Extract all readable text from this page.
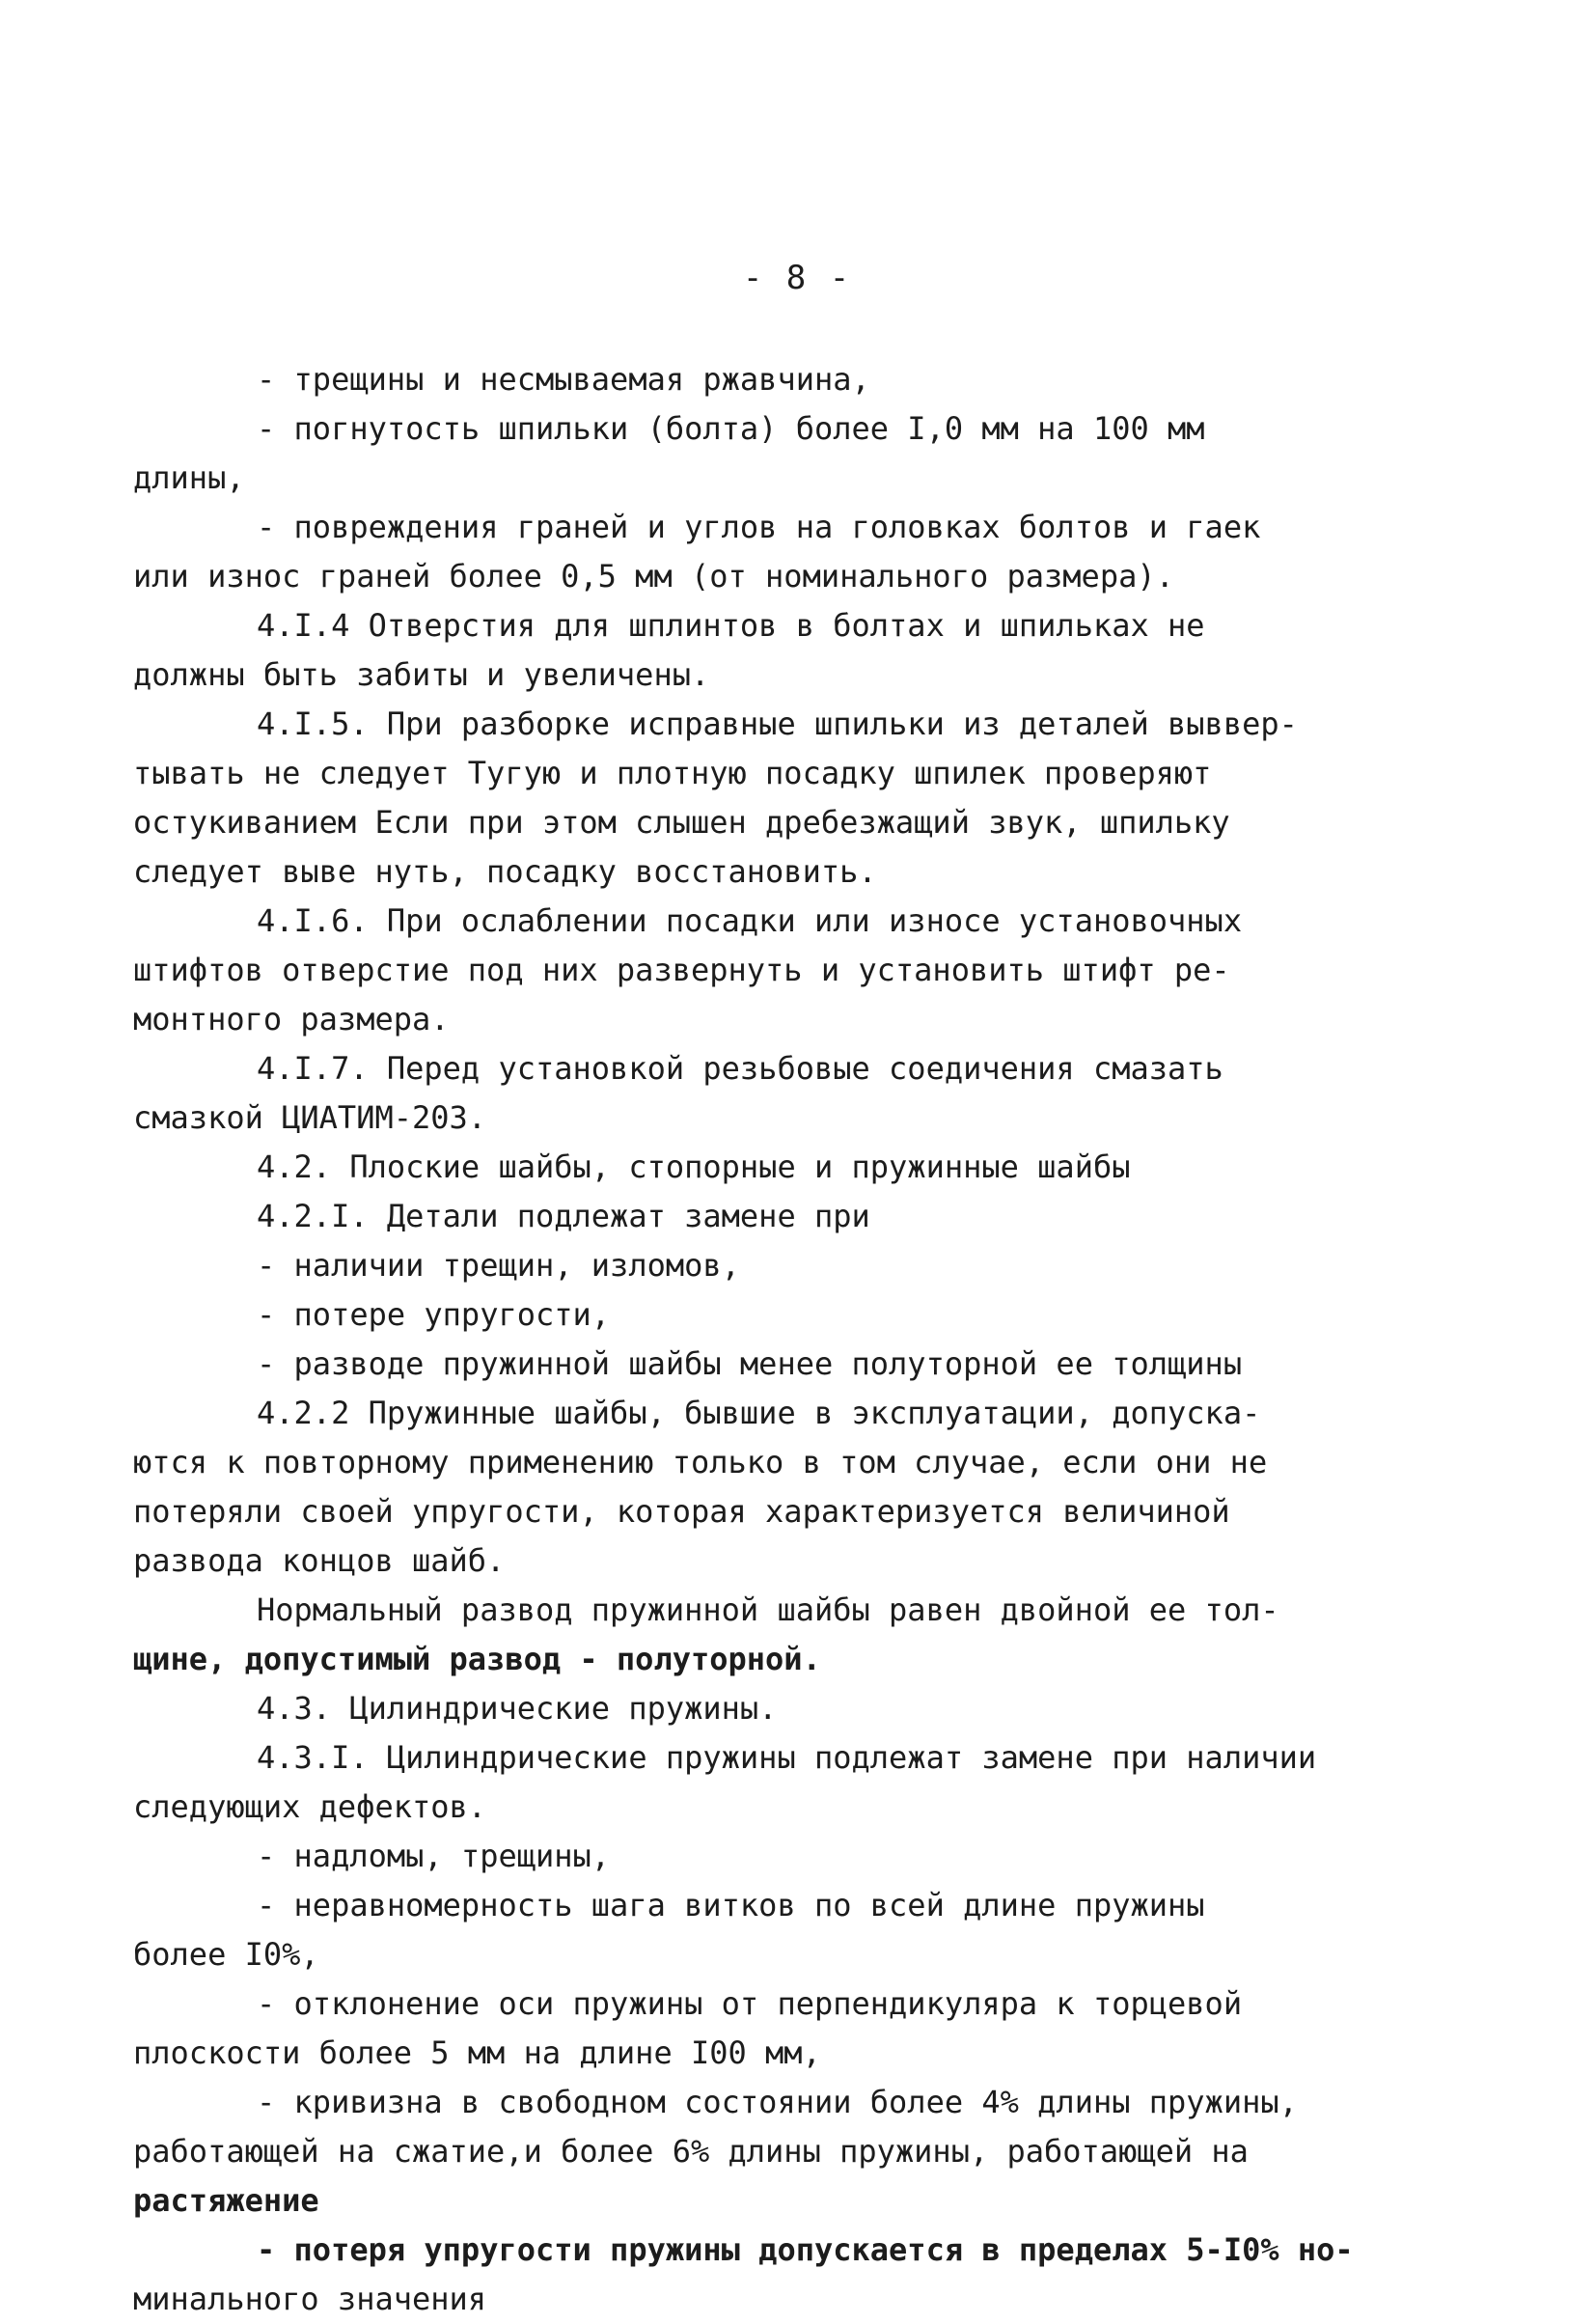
- 8 -
- трещины и несмываемая ржавчина,
- погнутость шпильки (болта) более I,0 мм на 100 мм
длины,
- повреждения граней и углов на головках болтов и гаек
или износ граней более 0,5 мм (от номинального размера).
4.I.4 Отверстия для шплинтов в болтах и шпильках не
должны быть забиты и увеличены.
4.I.5. При разборке исправные шпильки из деталей выввер-
тывать не следует Тугую и плотную посадку шпилек проверяют
остукиванием Если при этом слышен дребезжащий звук, шпильку
следует выве нуть, посадку восстановить.
4.I.6. При ослаблении посадки или износе установочных
штифтов отверстие под них развернуть и установить штифт ре-
монтного размера.
4.I.7. Перед установкой резьбовые соедичения смазать
смазкой ЦИАТИМ-203.
4.2. Плоские шайбы, стопорные и пружинные шайбы
4.2.I. Детали подлежат замене при
- наличии трещин, изломов,
- потере упругости,
- разводе пружинной шайбы менее полуторной ее толщины
4.2.2 Пружинные шайбы, бывшие в эксплуатации, допуска-
ются к повторному применению только в том случае, если они не
потеряли своей упругости, которая характеризуется величиной
развода концов шайб.
Нормальный развод пружинной шайбы равен двойной ее тол-
щине, допустимый развод - полуторной.
4.3. Цилиндрические пружины.
4.3.I. Цилиндрические пружины подлежат замене при наличии
следующих дефектов.
- надломы, трещины,
- неравномерность шага витков по всей длине пружины
более I0%,
- отклонение оси пружины от перпендикуляра к торцевой
плоскости более 5 мм на длине I00 мм,
- кривизна в свободном состоянии более 4% длины пружины,
работающей на сжатие,и более 6% длины пружины, работающей на
растяжение
- потеря упругости пружины допускается в пределах 5-I0% но-
минального значения
